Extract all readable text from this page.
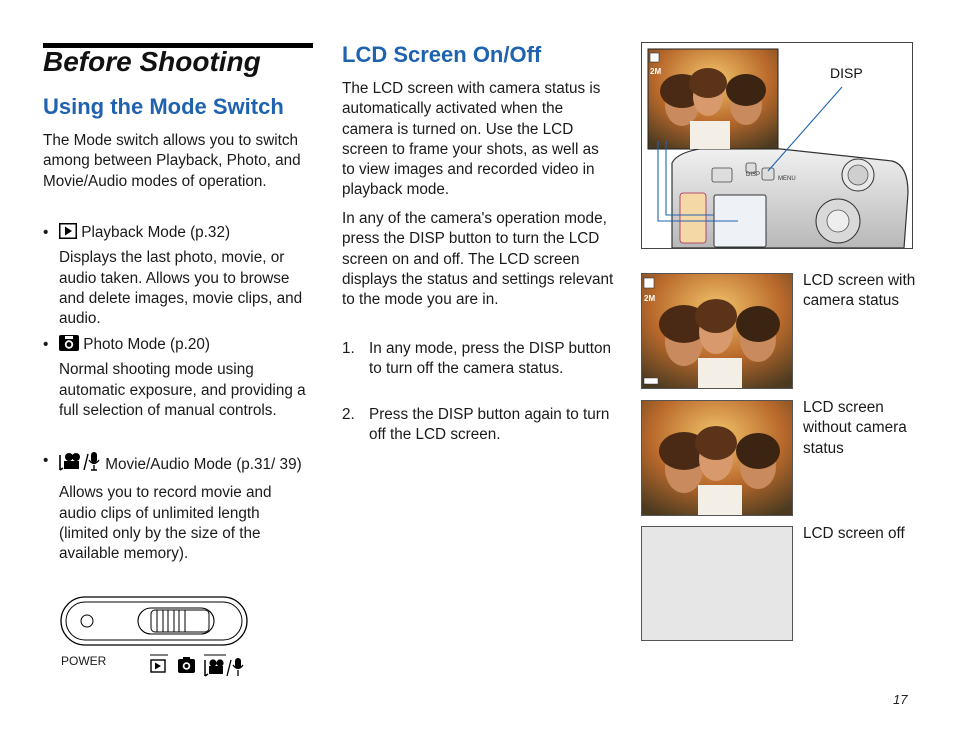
Before Shooting
Using the Mode Switch

The Mode switch allows you to switch among between Playback, Photo, and Movie/Audio modes of operation.

•	Playback Mode (p.32)
Displays the last photo, movie, or audio taken. Allows you to browse and delete images, movie clips, and audio.
•	Photo Mode (p.20)
Normal shooting mode using automatic exposure, and providing a full selection of manual controls.
•	Movie/Audio Mode (p.31/ 39)
Allows you to record movie and audio clips of unlimited length (limited only by the size of the available memory).
POWER
LCD Screen On/Off

The LCD screen with camera status is automatically activated when the camera is turned on. Use the LCD screen to frame your shots, as well as to view images and recorded video in playback mode.

In any of the camera's operation mode, press the DISP button to turn the LCD screen on and off. The LCD screen displays the status and settings relevant to the mode you are in.

1. In any mode, press the DISP button to turn off the camera status.
2. Press the DISP button again to turn off the LCD screen.
DISP
MENU
2M	DISP
2M
LCD screen with camera status
LCD screen without camera status
LCD screen off
17
